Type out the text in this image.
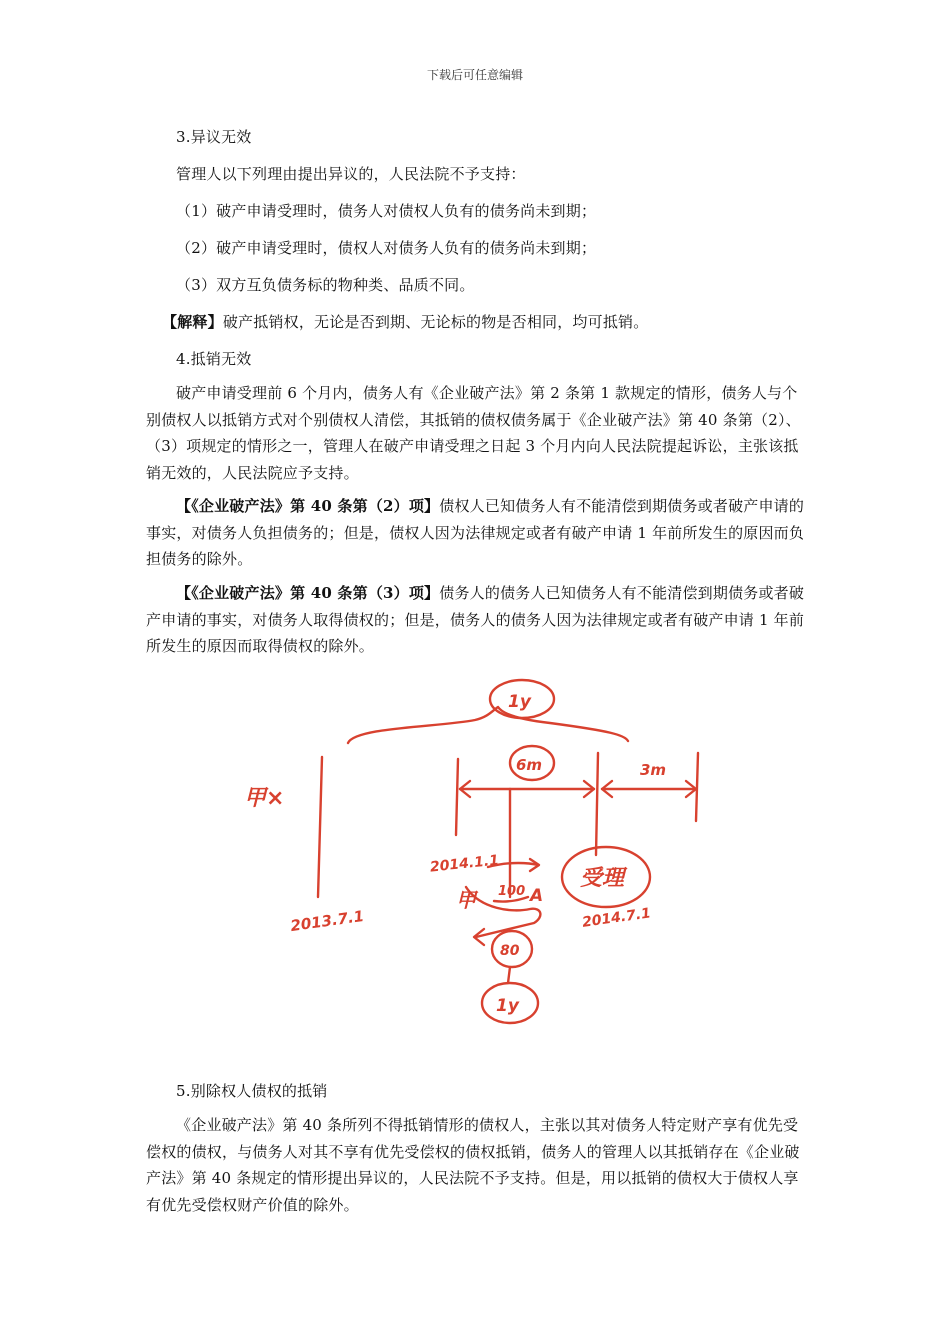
下载后可任意编辑

3.异议无效

管理人以下列理由提出异议的，人民法院不予支持：

（1）破产申请受理时，债务人对债权人负有的债务尚未到期；

（2）破产申请受理时，债权人对债务人负有的债务尚未到期；

（3）双方互负债务标的物种类、品质不同。

【解释】破产抵销权，无论是否到期、无论标的物是否相同，均可抵销。

4.抵销无效

破产申请受理前 6 个月内，债务人有《企业破产法》第 2 条第 1 款规定的情形，债务人与个别债权人以抵销方式对个别债权人清偿，其抵销的债权债务属于《企业破产法》第 40 条第（2）、（3）项规定的情形之一，管理人在破产申请受理之日起 3 个月内向人民法院提起诉讼，主张该抵销无效的，人民法院应予支持。

【《企业破产法》第 40 条第（2）项】债权人已知债务人有不能清偿到期债务或者破产申请的事实，对债务人负担债务的；但是，债权人因为法律规定或者有破产申请 1 年前所发生的原因而负担债务的除外。

【《企业破产法》第 40 条第（3）项】债务人的债务人已知债务人有不能清偿到期债务或者破产申请的事实，对债务人取得债权的；但是，债务人的债务人因为法律规定或者有破产申请 1 年前所发生的原因而取得债权的除外。

1y
甲×
2013.7.1
6m	3m
2014.1.1
受理
2014.7.1
100 A
甲
80
1y

5.别除权人债权的抵销

《企业破产法》第 40 条所列不得抵销情形的债权人，主张以其对债务人特定财产享有优先受偿权的债权，与债务人对其不享有优先受偿权的债权抵销，债务人的管理人以其抵销存在《企业破产法》第 40 条规定的情形提出异议的，人民法院不予支持。但是，用以抵销的债权大于债权人享有优先受偿权财产价值的除外。
